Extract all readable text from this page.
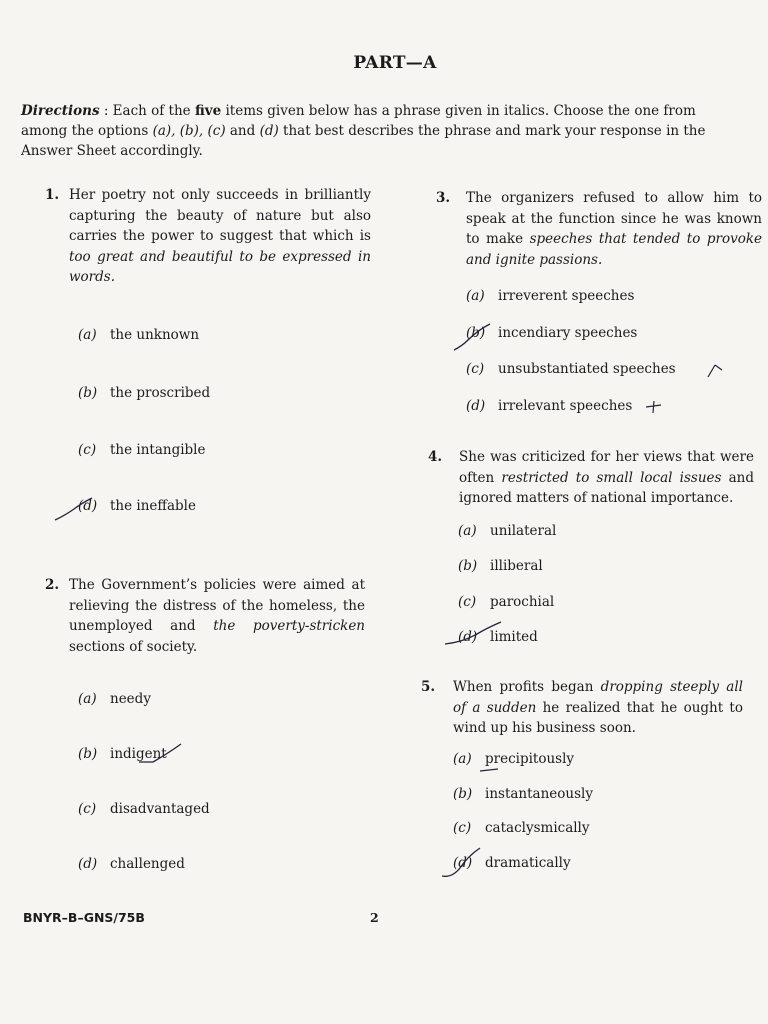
PART—A
Directions : Each of the five items given below has a phrase given in italics. Choose the one from
among the options (a), (b), (c) and (d) that best describes the phrase and mark your response in the
Answer Sheet accordingly.
1. Her poetry not only succeeds in brilliantly capturing the beauty of nature but also carries the power to suggest that which is too great and beautiful to be expressed in words.
(a) the unknown
(b) the proscribed
(c) the intangible
(d) the ineffable
2. The Government’s policies were aimed at relieving the distress of the homeless, the unemployed and the poverty-stricken sections of society.
(a) needy
(b) indigent
(c) disadvantaged
(d) challenged
3. The organizers refused to allow him to speak at the function since he was known to make speeches that tended to provoke and ignite passions.
(a) irreverent speeches
(b) incendiary speeches
(c) unsubstantiated speeches
(d) irrelevant speeches
4. She was criticized for her views that were often restricted to small local issues and ignored matters of national importance.
(a) unilateral
(b) illiberal
(c) parochial
(d) limited
5. When profits began dropping steeply all of a sudden he realized that he ought to wind up his business soon.
(a) precipitously
(b) instantaneously
(c) cataclysmically
(d) dramatically
BNYR–B–GNS/75B	2
